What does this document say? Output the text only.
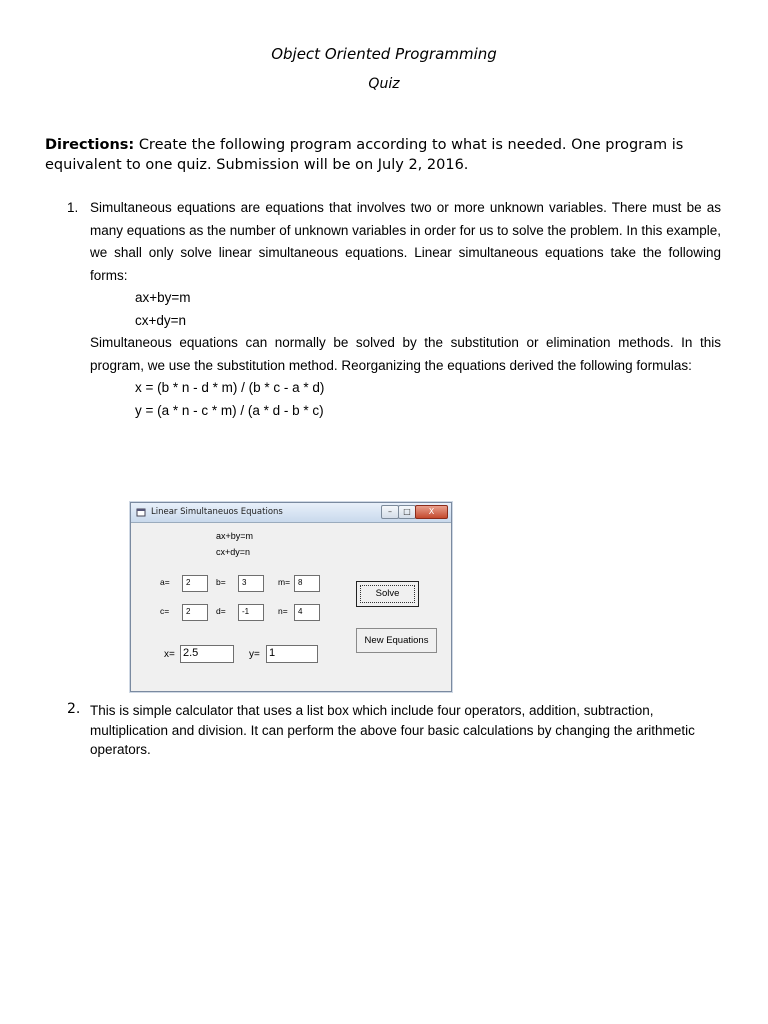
Object Oriented Programming
Quiz
Directions: Create the following program according to what is needed. One program is equivalent to one quiz. Submission will be on July 2, 2016.
1. Simultaneous equations are equations that involves two or more unknown variables. There must be as many equations as the number of unknown variables in order for us to solve the problem. In this example, we shall only solve linear simultaneous equations. Linear simultaneous equations take the following forms:

ax+by=m

cx+dy=n

Simultaneous equations can normally be solved by the substitution or elimination methods. In this program, we use the substitution method. Reorganizing the equations derived the following formulas:

x = (b * n - d * m) / (b * c - a * d)

y = (a * n - c * m) / (a * d - b * c)

Linear Simultaneuos Equations	–	□	X
ax+by=m
cx+dy=n
a=	2	b=	3	m= 8
c=	2	d=	-1	n=	4
x= 2.5	y= 1
Solve
New Equations
2. This is simple calculator that uses a list box which include four operators, addition, subtraction, multiplication and division. It can perform the above four basic calculations by changing the arithmetic operators.
